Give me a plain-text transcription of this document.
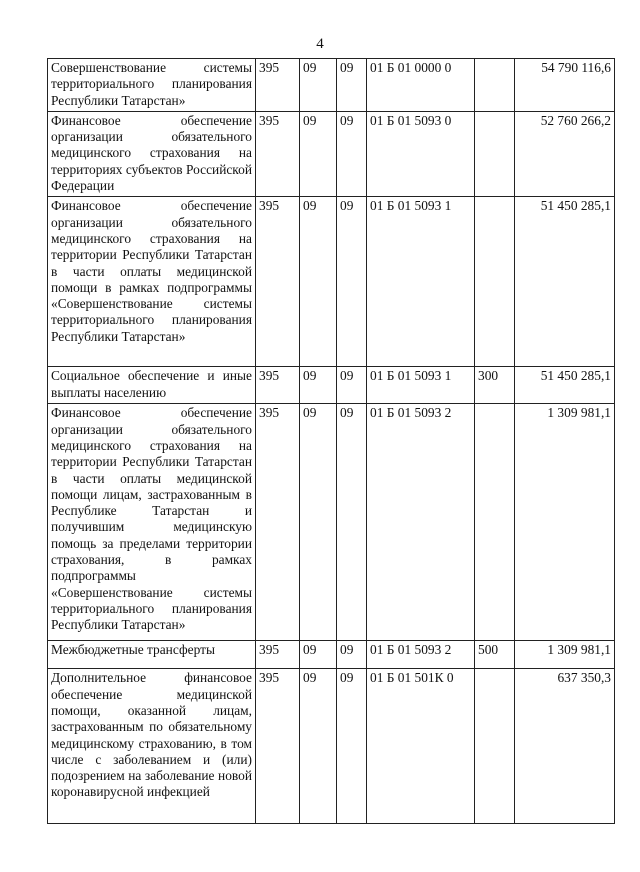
4
Совершенствование системы территориального планирования Республики Татарстан»	395	09	09	01 Б 01 0000 0		54 790 116,6
Финансовое обеспечение организации обязательного медицинского страхования на территориях субъектов Российской Федерации	395	09	09	01 Б 01 5093 0		52 760 266,2
Финансовое обеспечение организации обязательного медицинского страхования на территории Республики Татарстан в части оплаты медицинской помощи в рамках подпрограммы «Совершенствование системы территориального планирования Республики Татарстан»	395	09	09	01 Б 01 5093 1		51 450 285,1
Социальное обеспечение и иные выплаты населению	395	09	09	01 Б 01 5093 1	300	51 450 285,1
Финансовое обеспечение организации обязательного медицинского страхования на территории Республики Татарстан в части оплаты медицинской помощи лицам, застрахованным в Республике Татарстан и получившим медицинскую помощь за пределами территории страхования, в рамках подпрограммы «Совершенствование системы территориального планирования Республики Татарстан»	395	09	09	01 Б 01 5093 2		1 309 981,1
Межбюджетные трансферты	395	09	09	01 Б 01 5093 2	500	1 309 981,1
Дополнительное финансовое обеспечение медицинской помощи, оказанной лицам, застрахованным по обязательному медицинскому страхованию, в том числе с заболеванием и (или) подозрением на заболевание новой коронавирусной инфекцией	395	09	09	01 Б 01 501К 0		637 350,3
